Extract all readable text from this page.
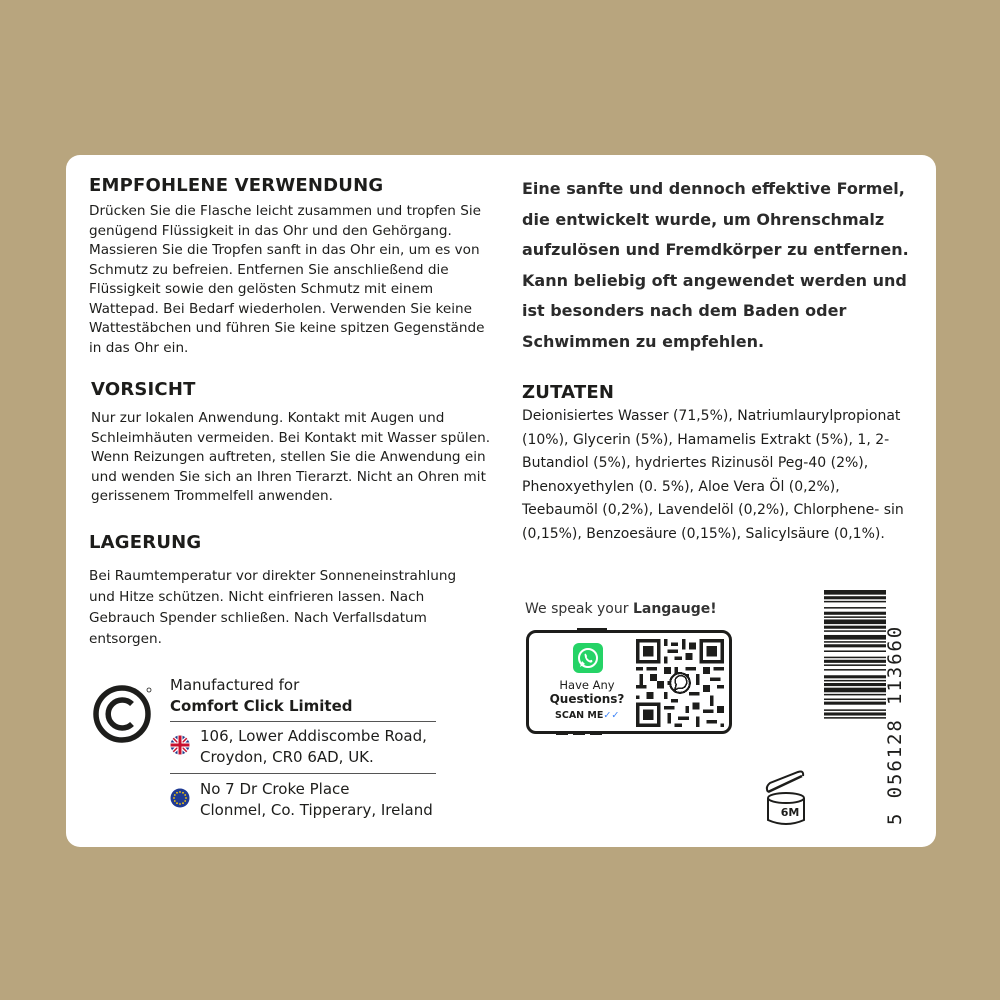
EMPFOHLENE VERWENDUNG

Drücken Sie die Flasche leicht zusammen und tropfen Sie genügend Flüssigkeit in das Ohr und den Gehörgang. Massieren Sie die Tropfen sanft in das Ohr ein, um es von Schmutz zu befreien. Entfernen Sie anschließend die Flüssigkeit sowie den gelösten Schmutz mit einem Wattepad. Bei Bedarf wiederholen. Verwenden Sie keine Wattestäbchen und führen Sie keine spitzen Gegenstände in das Ohr ein.

VORSICHT

Nur zur lokalen Anwendung. Kontakt mit Augen und Schleimhäuten vermeiden. Bei Kontakt mit Wasser spülen. Wenn Reizungen auftreten, stellen Sie die Anwendung ein und wenden Sie sich an Ihren Tierarzt. Nicht an Ohren mit gerissenem Trommelfell anwenden.

LAGERUNG

Bei Raumtemperatur vor direkter Sonneneinstrahlung und Hitze schützen. Nicht einfrieren lassen. Nach Gebrauch Spender schließen. Nach Verfallsdatum entsorgen.

Manufactured for
Comfort Click Limited
106, Lower Addiscombe Road,
Croydon, CR0 6AD, UK.
No 7 Dr Croke Place
Clonmel, Co. Tipperary, Ireland

Eine sanfte und dennoch effektive Formel, die entwickelt wurde, um Ohrenschmalz aufzulösen und Fremdkörper zu entfernen. Kann beliebig oft angewendet werden und ist besonders nach dem Baden oder Schwimmen zu empfehlen.

ZUTATEN

Deionisiertes Wasser (71,5%), Natriumlaurylpropionat (10%), Glycerin (5%), Hamamelis Extrakt (5%), 1, 2-Butandiol (5%), hydriertes Rizinusöl Peg-40 (2%), Phenoxyethylen (0. 5%), Aloe Vera Öl (0,2%), Teebaumöl (0,2%), Lavendelöl (0,2%), Chlorphene- sin (0,15%), Benzoesäure (0,15%), Salicylsäure (0,1%).

We speak your Langauge!
Have Any
Questions?
SCAN ME✓✓
6M	5 056128 113660
